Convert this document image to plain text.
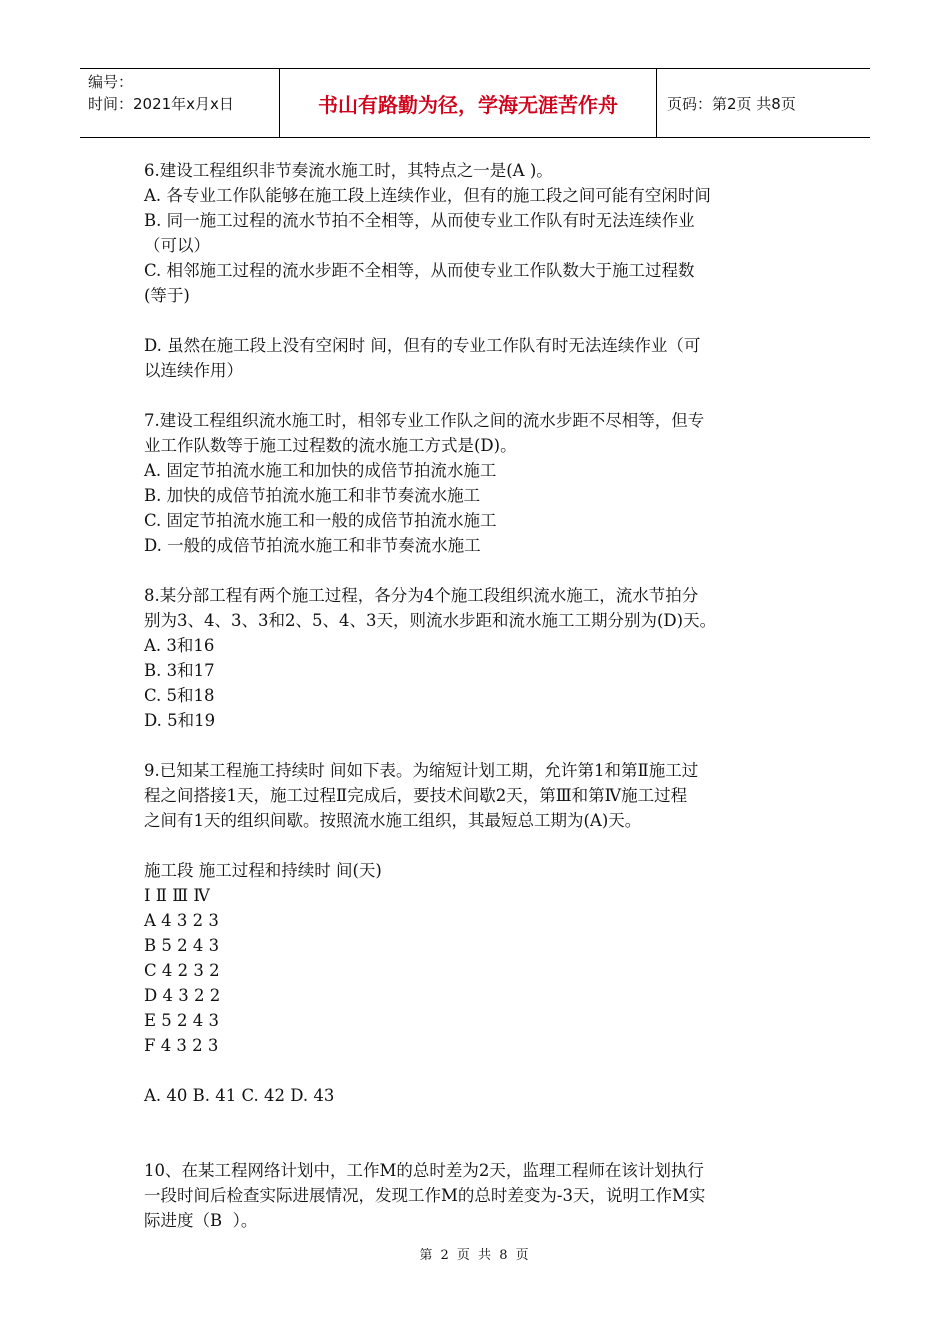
编号：
时间：2021年x月x日	书山有路勤为径，学海无涯苦作舟	页码：第2页 共8页

6.建设工程组织非节奏流水施工时，其特点之一是(A )。

A. 各专业工作队能够在施工段上连续作业，但有的施工段之间可能有空闲时间

B. 同一施工过程的流水节拍不全相等，从而使专业工作队有时无法连续作业

（可以）

C. 相邻施工过程的流水步距不全相等，从而使专业工作队数大于施工过程数

(等于)

D. 虽然在施工段上没有空闲时 间，但有的专业工作队有时无法连续作业（可

以连续作用）

7.建设工程组织流水施工时，相邻专业工作队之间的流水步距不尽相等，但专

业工作队数等于施工过程数的流水施工方式是(D)。

A. 固定节拍流水施工和加快的成倍节拍流水施工

B. 加快的成倍节拍流水施工和非节奏流水施工

C. 固定节拍流水施工和一般的成倍节拍流水施工

D. 一般的成倍节拍流水施工和非节奏流水施工

8.某分部工程有两个施工过程，各分为4个施工段组织流水施工，流水节拍分

别为3、4、3、3和2、5、4、3天，则流水步距和流水施工工期分别为(D)天。

A. 3和16

B. 3和17

C. 5和18

D. 5和19

9.已知某工程施工持续时 间如下表。为缩短计划工期，允许第1和第Ⅱ施工过

程之间搭接1天，施工过程Ⅱ完成后，要技术间歇2天，第Ⅲ和第Ⅳ施工过程

之间有1天的组织间歇。按照流水施工组织，其最短总工期为(A)天。

施工段 施工过程和持续时 间(天)

I Ⅱ Ⅲ Ⅳ

A 4 3 2 3

B 5 2 4 3

C 4 2 3 2

D 4 3 2 2

E 5 2 4 3

F 4 3 2 3

A. 40 B. 41 C. 42 D. 43

10、在某工程网络计划中，工作M的总时差为2天，监理工程师在该计划执行

一段时间后检查实际进展情况，发现工作M的总时差变为-3天，说明工作M实

际进度（B  ）。

第 2 页 共 8 页
